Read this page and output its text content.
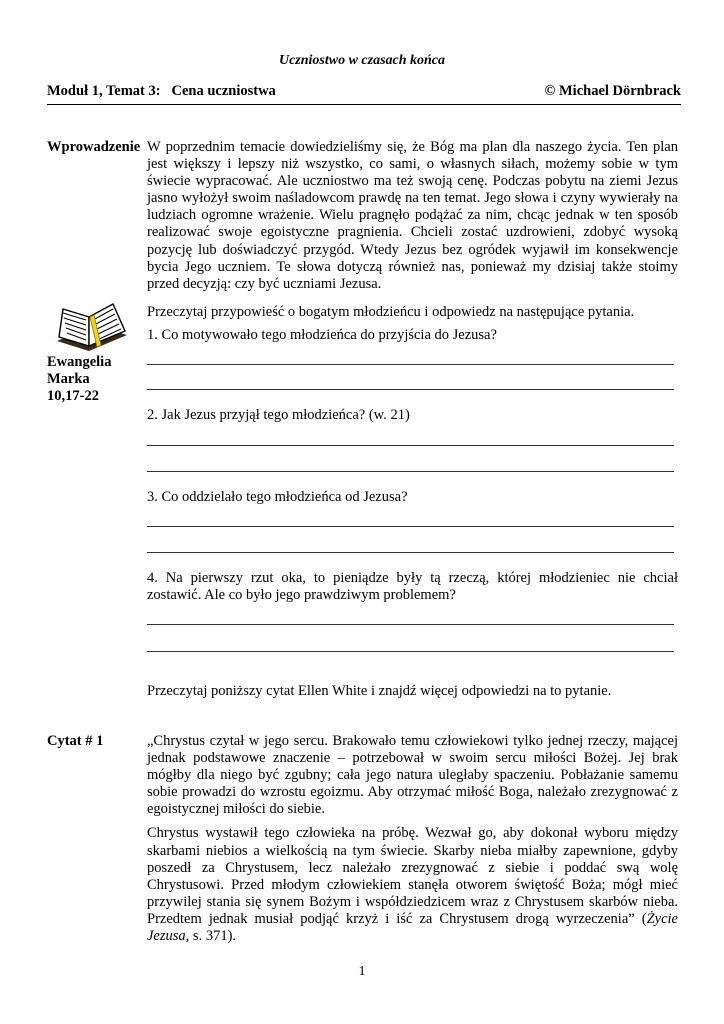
Uczniostwo w czasach końca
Moduł 1, Temat 3:   Cena uczniostwa	© Michael Dörnbrack
Wprowadzenie W poprzednim temacie dowiedzieliśmy się, że Bóg ma plan dla naszego życia. Ten plan jest większy i lepszy niż wszystko, co sami, o własnych siłach, możemy sobie w tym świecie wypracować. Ale uczniostwo ma też swoją cenę. Podczas pobytu na ziemi Jezus jasno wyłożył swoim naśladowcom prawdę na ten temat. Jego słowa i czyny wywierały na ludziach ogromne wrażenie. Wielu pragnęło podążać za nim, chcąc jednak w ten sposób realizować swoje egoistyczne pragnienia. Chcieli zostać uzdrowieni, zdobyć wysoką pozycję lub doświadczyć przygód. Wtedy Jezus bez ogródek wyjawił im konsekwencje bycia Jego uczniem. Te słowa dotyczą również nas, ponieważ my dzisiaj także stoimy przed decyzją: czy być uczniami Jezusa.

Ewangelia
Marka
10,17-22
Przeczytaj przypowieść o bogatym młodzieńcu i odpowiedz na następujące pytania.
1. Co motywowało tego młodzieńca do przyjścia do Jezusa?
2. Jak Jezus przyjął tego młodzieńca? (w. 21)
3. Co oddzielało tego młodzieńca od Jezusa?
4. Na pierwszy rzut oka, to pieniądze były tą rzeczą, której młodzieniec nie chciał zostawić. Ale co było jego prawdziwym problemem?
Przeczytaj poniższy cytat Ellen White i znajdź więcej odpowiedzi na to pytanie.
Cytat # 1	„Chrystus czytał w jego sercu. Brakowało temu człowiekowi tylko jednej rzeczy, mającej jednak podstawowe znaczenie – potrzebował w swoim sercu miłości Bożej. Jej brak mógłby dla niego być zgubny; cała jego natura uległaby spaczeniu. Pobłażanie samemu sobie prowadzi do wzrostu egoizmu. Aby otrzymać miłość Boga, należało zrezygnować z egoistycznej miłości do siebie.

Chrystus wystawił tego człowieka na próbę. Wezwał go, aby dokonał wyboru między skarbami niebios a wielkością na tym świecie. Skarby nieba miałby zapewnione, gdyby poszedł za Chrystusem, lecz należało zrezygnować z siebie i poddać swą wolę Chrystusowi. Przed młodym człowiekiem stanęła otworem świętość Boża; mógł mieć przywilej stania się synem Bożym i współdziedzicem wraz z Chrystusem skarbów nieba. Przedtem jednak musiał podjąć krzyż i iść za Chrystusem drogą wyrzeczenia” (Życie Jezusa, s. 371).

1
